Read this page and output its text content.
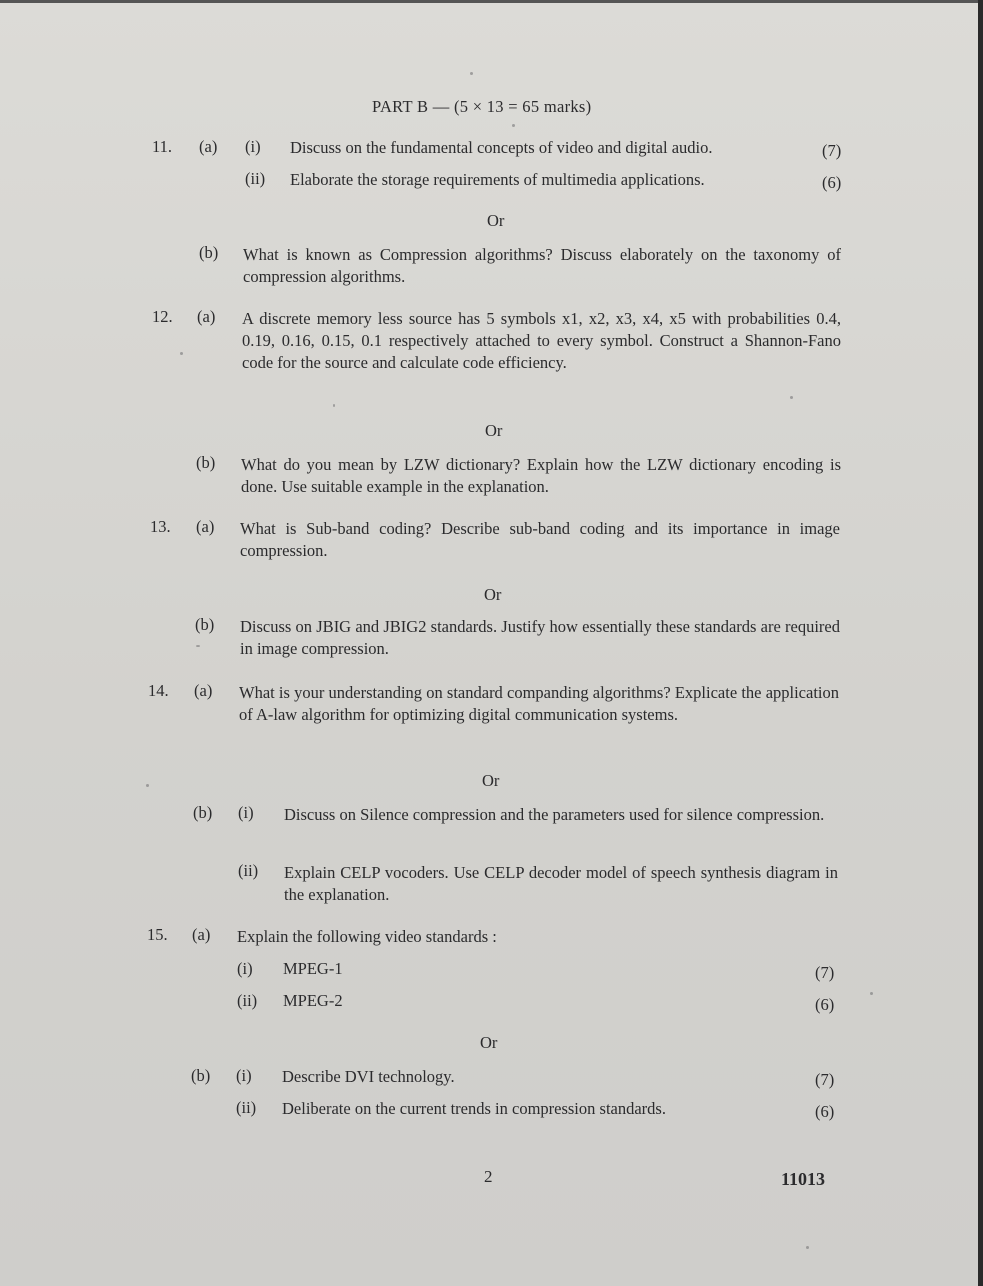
PART B — (5 × 13 = 65 marks)
11. (a) (i) Discuss on the fundamental concepts of video and digital audio.	(7)
(ii) Elaborate the storage requirements of multimedia applications.	(6)
Or
(b) What is known as Compression algorithms? Discuss elaborately on the taxonomy of compression algorithms.
12. (a) A discrete memory less source has 5 symbols x1, x2, x3, x4, x5 with probabilities 0.4, 0.19, 0.16, 0.15, 0.1 respectively attached to every symbol. Construct a Shannon-Fano code for the source and calculate code efficiency.
Or
(b) What do you mean by LZW dictionary? Explain how the LZW dictionary encoding is done. Use suitable example in the explanation.
13. (a) What is Sub-band coding? Describe sub-band coding and its importance in image compression.
Or
(b) Discuss on JBIG and JBIG2 standards. Justify how essentially these standards are required in image compression.
14. (a) What is your understanding on standard companding algorithms? Explicate the application of A-law algorithm for optimizing digital communication systems.
Or
(b) (i) Discuss on Silence compression and the parameters used for silence compression.
(ii) Explain CELP vocoders. Use CELP decoder model of speech synthesis diagram in the explanation.
15. (a) Explain the following video standards :
(i) MPEG-1	(7)
(ii) MPEG-2	(6)
Or
(b) (i) Describe DVI technology.	(7)
(ii) Deliberate on the current trends in compression standards.	(6)
2	11013
